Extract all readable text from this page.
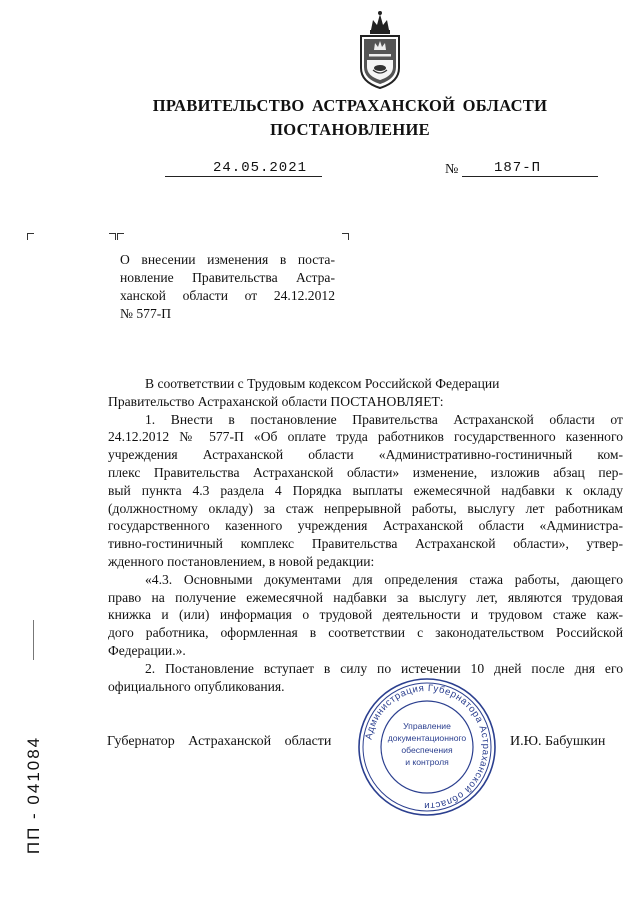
ПРАВИТЕЛЬСТВО АСТРАХАНСКОЙ ОБЛАСТИ
ПОСТАНОВЛЕНИЕ
24.05.2021	№	187-П
О внесении изменения в поста-
новление Правительства Астра-
ханской области от 24.12.2012
№ 577-П
В соответствии с Трудовым кодексом Российской Федерации
Правительство Астраханской области ПОСТАНОВЛЯЕТ:
1. Внести в постановление Правительства Астраханской области от
24.12.2012 № 577-П «Об оплате труда работников государственного казенного
учреждения Астраханской области «Административно-гостиничный ком-
плекс Правительства Астраханской области» изменение, изложив абзац пер-
вый пункта 4.3 раздела 4 Порядка выплаты ежемесячной надбавки к окладу
(должностному окладу) за стаж непрерывной работы, выслугу лет работникам
государственного казенного учреждения Астраханской области «Администра-
тивно-гостиничный комплекс Правительства Астраханской области», утвер-
жденного постановлением, в новой редакции:
«4.3. Основными документами для определения стажа работы, дающего
право на получение ежемесячной надбавки за выслугу лет, являются трудовая
книжка и (или) информация о трудовой деятельности и трудовом стаже каж-
дого работника, оформленная в соответствии с законодательством Российской
Федерации.».
2. Постановление вступает в силу по истечении 10 дней после дня его
официального опубликования.
Губернатор Астраханской области	И.Ю. Бабушкин
Администрация Губернатора Астраханской области
Управление
документационного
обеспечения
и контроля
ПП - 041084
